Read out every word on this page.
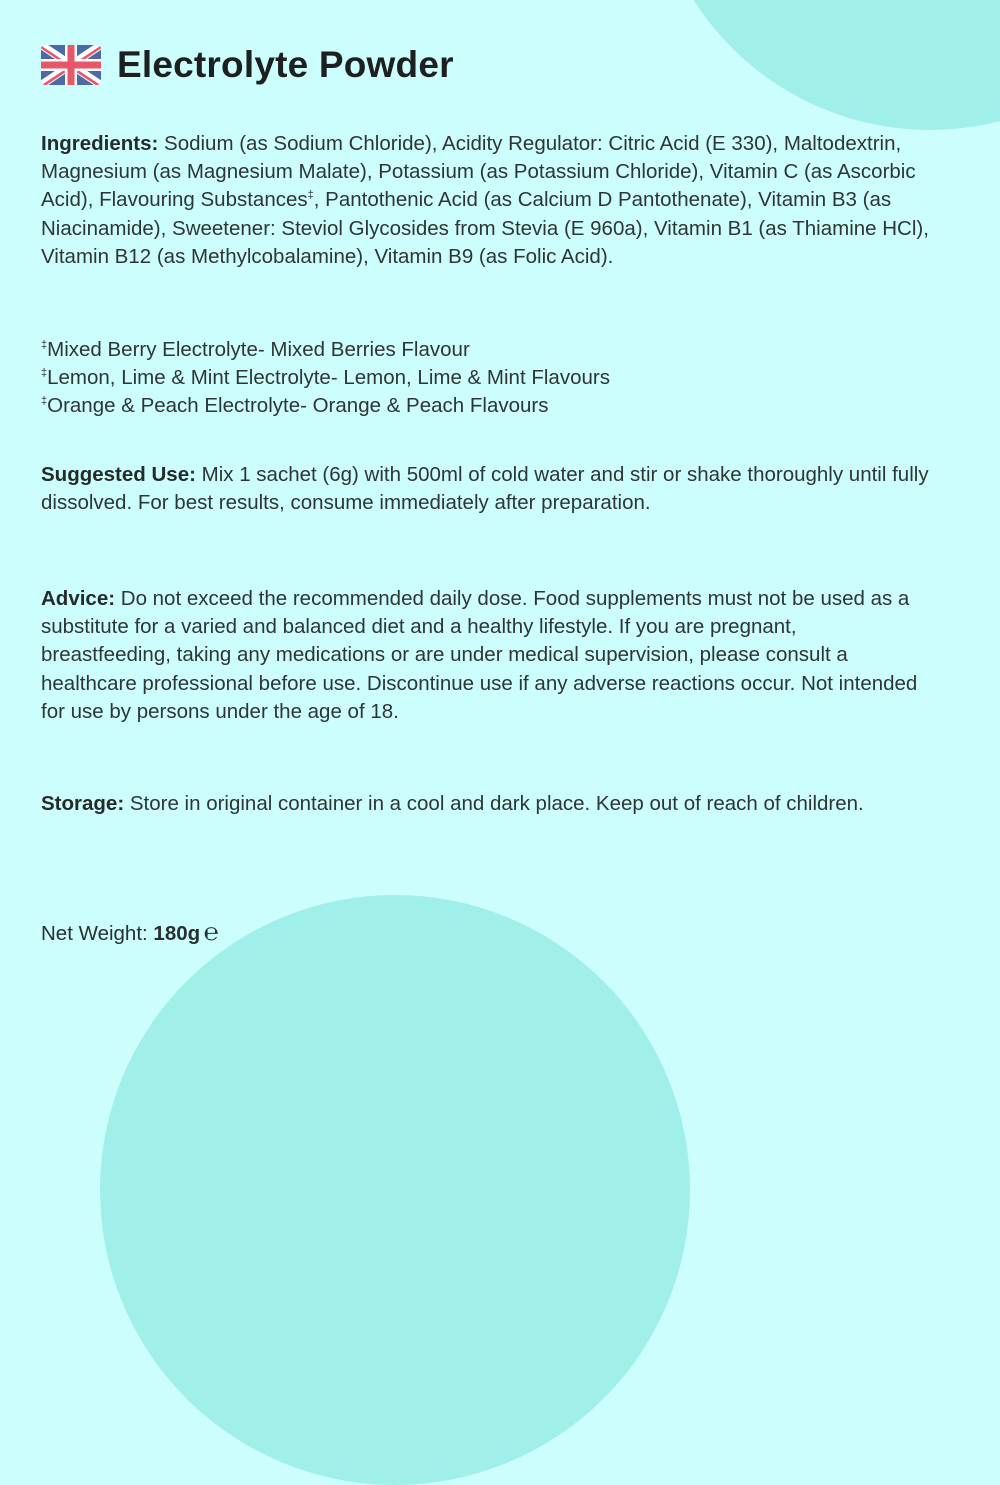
Electrolyte Powder
Ingredients: Sodium (as Sodium Chloride), Acidity Regulator: Citric Acid (E 330), Maltodextrin, Magnesium (as Magnesium Malate), Potassium (as Potassium Chloride), Vitamin C (as Ascorbic Acid), Flavouring Substances‡, Pantothenic Acid (as Calcium D Pantothenate), Vitamin B3 (as Niacinamide), Sweetener: Steviol Glycosides from Stevia (E 960a), Vitamin B1 (as Thiamine HCl), Vitamin B12 (as Methylcobalamine), Vitamin B9 (as Folic Acid).
‡Mixed Berry Electrolyte- Mixed Berries Flavour
‡Lemon, Lime & Mint Electrolyte- Lemon, Lime & Mint Flavours
‡Orange & Peach Electrolyte- Orange & Peach Flavours
Suggested Use: Mix 1 sachet (6g) with 500ml of cold water and stir or shake thoroughly until fully dissolved. For best results, consume immediately after preparation.
Advice: Do not exceed the recommended daily dose. Food supplements must not be used as a substitute for a varied and balanced diet and a healthy lifestyle. If you are pregnant, breastfeeding, taking any medications or are under medical supervision, please consult a healthcare professional before use. Discontinue use if any adverse reactions occur. Not intended for use by persons under the age of 18.
Storage: Store in original container in a cool and dark place. Keep out of reach of children.
Net Weight: 180g ℮
